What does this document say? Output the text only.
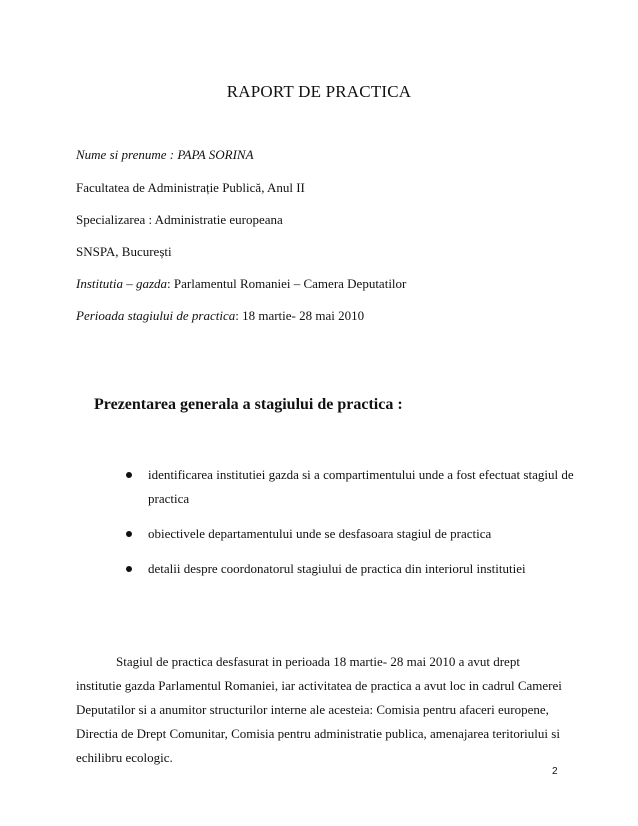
RAPORT DE PRACTICA
Nume si prenume : PAPA SORINA
Facultatea de Administrație Publică, Anul II
Specializarea : Administratie europeana
SNSPA, București
Institutia – gazda: Parlamentul Romaniei – Camera Deputatilor
Perioada stagiului de practica: 18 martie- 28 mai 2010
Prezentarea generala a stagiului de practica :
identificarea institutiei gazda si a compartimentului unde a fost efectuat stagiul de practica
obiectivele departamentului unde se desfasoara stagiul de practica
detalii despre coordonatorul stagiului de practica din interiorul institutiei

Stagiul de practica desfasurat in perioada 18 martie- 28 mai 2010 a avut drept institutie gazda Parlamentul Romaniei, iar activitatea de practica a avut loc in cadrul Camerei Deputatilor si a anumitor structurilor interne ale acesteia: Comisia pentru afaceri europene, Directia de Drept Comunitar, Comisia pentru administratie publica, amenajarea teritoriului si echilibru ecologic.

2
